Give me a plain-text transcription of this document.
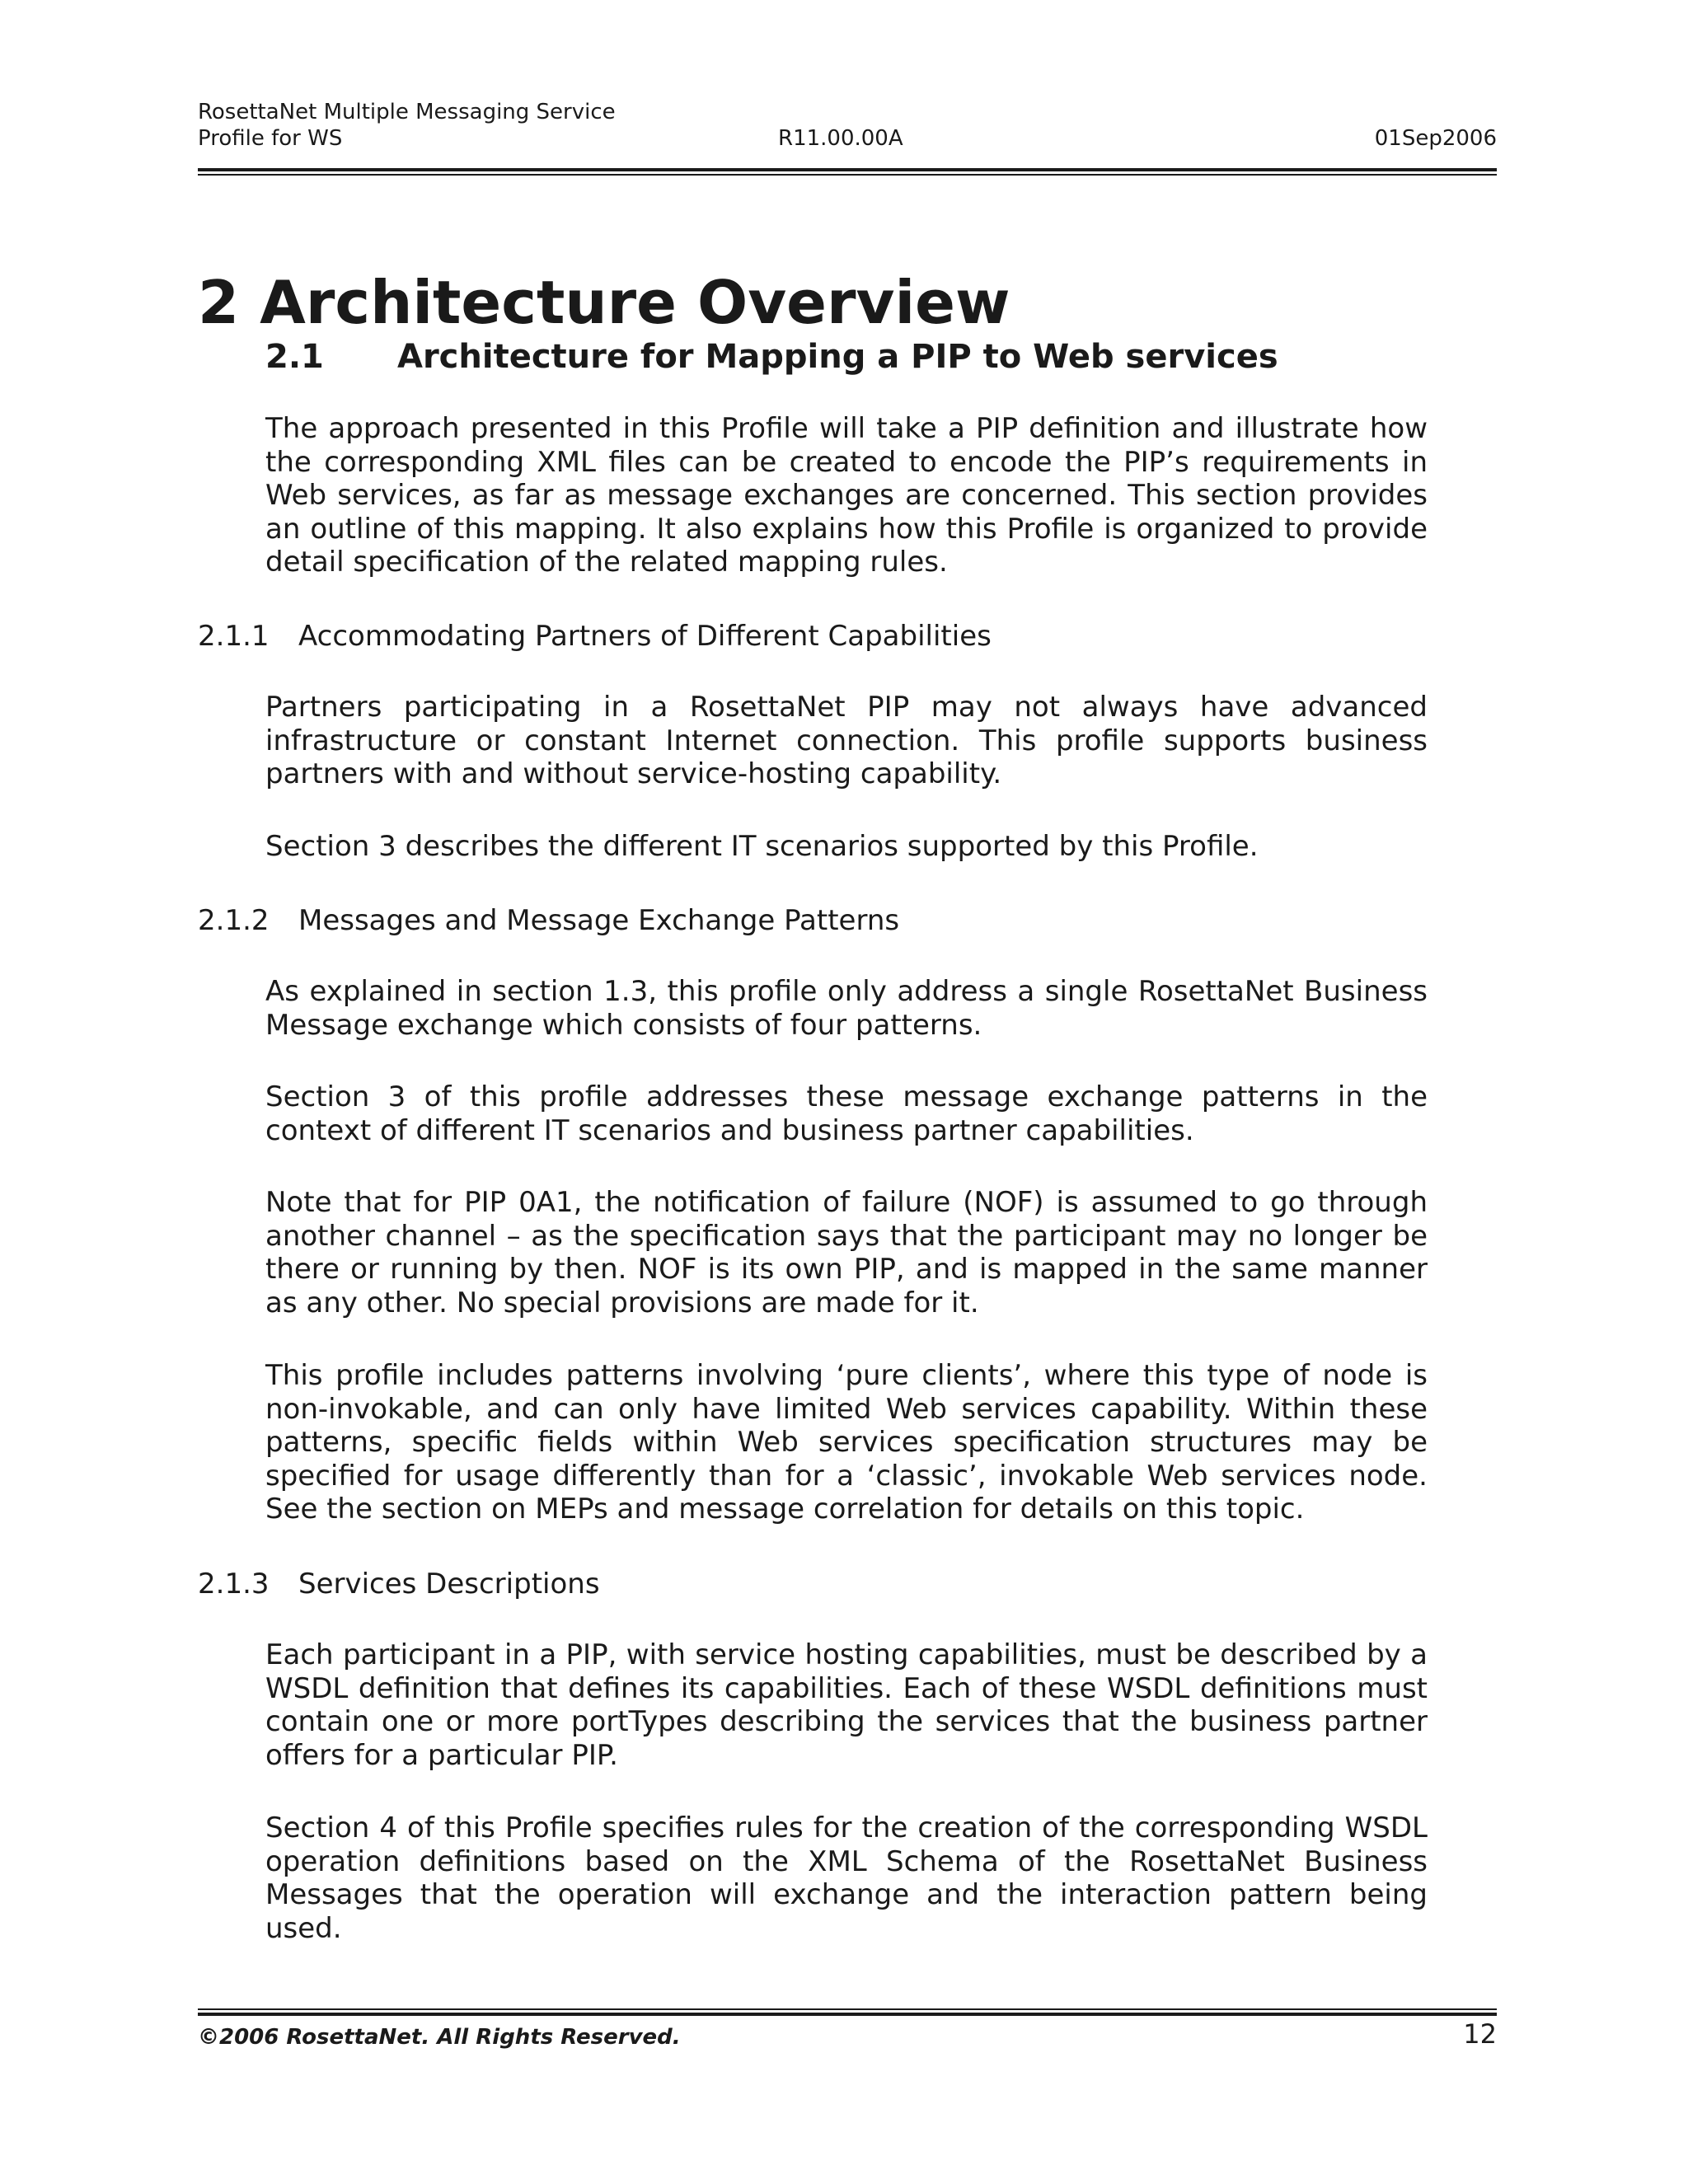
RosettaNet Multiple Messaging Service
Profile for WS	R11.00.00A	01Sep2006
2 Architecture Overview
2.1 Architecture for Mapping a PIP to Web services

The approach presented in this Profile will take a PIP definition and illustrate how the corresponding XML files can be created to encode the PIP’s requirements in Web services, as far as message exchanges are concerned. This section provides an outline of this mapping. It also explains how this Profile is organized to provide detail specification of the related mapping rules.

2.1.1 Accommodating Partners of Different Capabilities

Partners participating in a RosettaNet PIP may not always have advanced infrastructure or constant Internet connection. This profile supports business partners with and without service-hosting capability.

Section 3 describes the different IT scenarios supported by this Profile.

2.1.2 Messages and Message Exchange Patterns

As explained in section 1.3, this profile only address a single RosettaNet Business Message exchange which consists of four patterns.

Section 3 of this profile addresses these message exchange patterns in the context of different IT scenarios and business partner capabilities.

Note that for PIP 0A1, the notification of failure (NOF) is assumed to go through another channel – as the specification says that the participant may no longer be there or running by then. NOF is its own PIP, and is mapped in the same manner as any other. No special provisions are made for it.

This profile includes patterns involving ‘pure clients’, where this type of node is non-invokable, and can only have limited Web services capability. Within these patterns, specific fields within Web services specification structures may be specified for usage differently than for a ‘classic’, invokable Web services node. See the section on MEPs and message correlation for details on this topic.

2.1.3 Services Descriptions

Each participant in a PIP, with service hosting capabilities, must be described by a WSDL definition that defines its capabilities. Each of these WSDL definitions must contain one or more portTypes describing the services that the business partner offers for a particular PIP.

Section 4 of this Profile specifies rules for the creation of the corresponding WSDL operation definitions based on the XML Schema of the RosettaNet Business Messages that the operation will exchange and the interaction pattern being used.

©2006 RosettaNet. All Rights Reserved.	12
